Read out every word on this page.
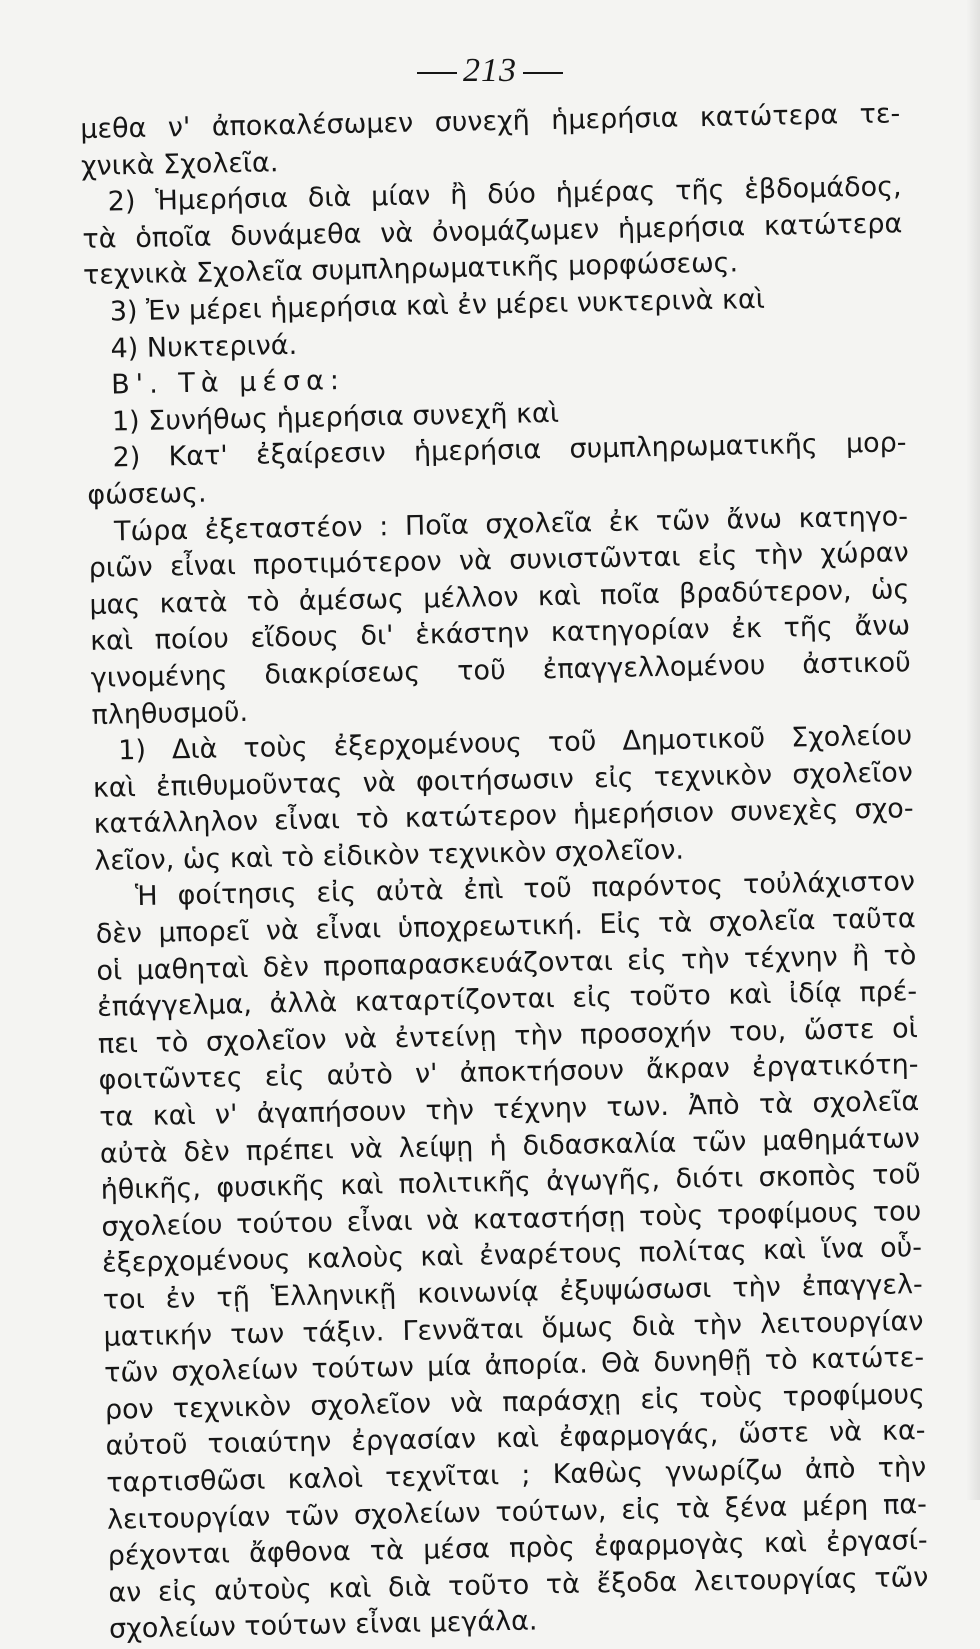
213
μεθα ν' ἀποκαλέσωμεν συνεχῆ ἡμερήσια κατώτερα τε-
χνικὰ Σχολεῖα.
2) Ἡμερήσια διὰ μίαν ἢ δύο ἡμέρας τῆς ἑβδομάδος,
τὰ ὁποῖα δυνάμεθα νὰ ὀνομάζωμεν ἡμερήσια κατώτερα
τεχνικὰ Σχολεῖα συμπληρωματικῆς μορφώσεως.
3) Ἐν μέρει ἡμερήσια καὶ ἐν μέρει νυκτερινὰ καὶ
4) Νυκτερινά.
Β'. Τὰ μέσα:
1) Συνήθως ἡμερήσια συνεχῆ καὶ
2) Κατ' ἐξαίρεσιν ἡμερήσια συμπληρωματικῆς μορ-
φώσεως.
Τώρα ἐξεταστέον : Ποῖα σχολεῖα ἐκ τῶν ἄνω κατηγο-
ριῶν εἶναι προτιμότερον νὰ συνιστῶνται εἰς τὴν χώραν
μας κατὰ τὸ ἀμέσως μέλλον καὶ ποῖα βραδύτερον, ὡς
καὶ ποίου εἴδους δι' ἑκάστην κατηγορίαν ἐκ τῆς ἄνω
γινομένης διακρίσεως τοῦ ἐπαγγελλομένου ἀστικοῦ
πληθυσμοῦ.
1) Διὰ τοὺς ἐξερχομένους τοῦ Δημοτικοῦ Σχολείου
καὶ ἐπιθυμοῦντας νὰ φοιτήσωσιν εἰς τεχνικὸν σχολεῖον
κατάλληλον εἶναι τὸ κατώτερον ἡμερήσιον συνεχὲς σχο-
λεῖον, ὡς καὶ τὸ εἰδικὸν τεχνικὸν σχολεῖον.
Ἡ φοίτησις εἰς αὐτὰ ἐπὶ τοῦ παρόντος τοὐλάχιστον
δὲν μπορεῖ νὰ εἶναι ὑποχρεωτική. Εἰς τὰ σχολεῖα ταῦτα
οἱ μαθηταὶ δὲν προπαρασκευάζονται εἰς τὴν τέχνην ἢ τὸ
ἐπάγγελμα, ἀλλὰ καταρτίζονται εἰς τοῦτο καὶ ἰδίᾳ πρέ-
πει τὸ σχολεῖον νὰ ἐντείνῃ τὴν προσοχήν του, ὥστε οἱ
φοιτῶντες εἰς αὐτὸ ν' ἀποκτήσουν ἄκραν ἐργατικότη-
τα καὶ ν' ἀγαπήσουν τὴν τέχνην των. Ἀπὸ τὰ σχολεῖα
αὐτὰ δὲν πρέπει νὰ λείψῃ ἡ διδασκαλία τῶν μαθημάτων
ἠθικῆς, φυσικῆς καὶ πολιτικῆς ἀγωγῆς, διότι σκοπὸς τοῦ
σχολείου τούτου εἶναι νὰ καταστήσῃ τοὺς τροφίμους του
ἐξερχομένους καλοὺς καὶ ἐναρέτους πολίτας καὶ ἵνα οὗ-
τοι ἐν τῇ Ἑλληνικῇ κοινωνίᾳ ἐξυψώσωσι τὴν ἐπαγγελ-
ματικήν των τάξιν. Γεννᾶται ὅμως διὰ τὴν λειτουργίαν
τῶν σχολείων τούτων μία ἀπορία. Θὰ δυνηθῇ τὸ κατώτε-
ρον τεχνικὸν σχολεῖον νὰ παράσχῃ εἰς τοὺς τροφίμους
αὐτοῦ τοιαύτην ἐργασίαν καὶ ἐφαρμογάς, ὥστε νὰ κα-
ταρτισθῶσι καλοὶ τεχνῖται ; Καθὼς γνωρίζω ἀπὸ τὴν
λειτουργίαν τῶν σχολείων τούτων, εἰς τὰ ξένα μέρη πα-
ρέχονται ἄφθονα τὰ μέσα πρὸς ἐφαρμογὰς καὶ ἐργασί-
αν εἰς αὐτοὺς καὶ διὰ τοῦτο τὰ ἔξοδα λειτουργίας τῶν
σχολείων τούτων εἶναι μεγάλα.
